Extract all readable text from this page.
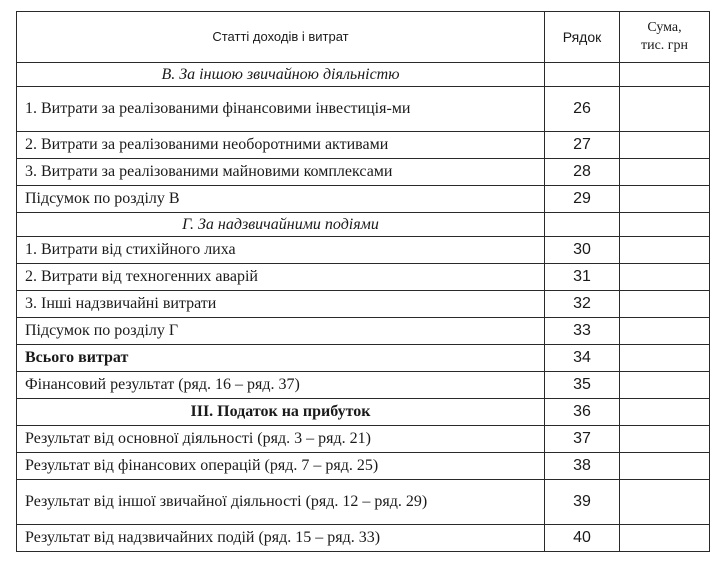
Статті доходів і витрат	Рядок	Сума,
тис. грн
В. За іншою звичайною діяльністю		
1. Витрати за реалізованими фінансовими інвестиція-ми	26	
2. Витрати за реалізованими необоротними активами	27	
3. Витрати за реалізованими майновими комплексами	28	
Підсумок по розділу В	29	
Г. За надзвичайними подіями		
1. Витрати від стихійного лиха	30	
2. Витрати від техногенних аварій	31	
3. Інші надзвичайні витрати	32	
Підсумок по розділу Г	33	
Всього витрат	34	
Фінансовий результат (ряд. 16 – ряд. 37)	35	
III. Податок на прибуток	36	
Результат від основної діяльності (ряд. 3 – ряд. 21)	37	
Результат від фінансових операцій (ряд. 7 – ряд. 25)	38	
Результат від іншої звичайної діяльності (ряд. 12 – ряд. 29)	39	
Результат від надзвичайних подій (ряд. 15 – ряд. 33)	40	
